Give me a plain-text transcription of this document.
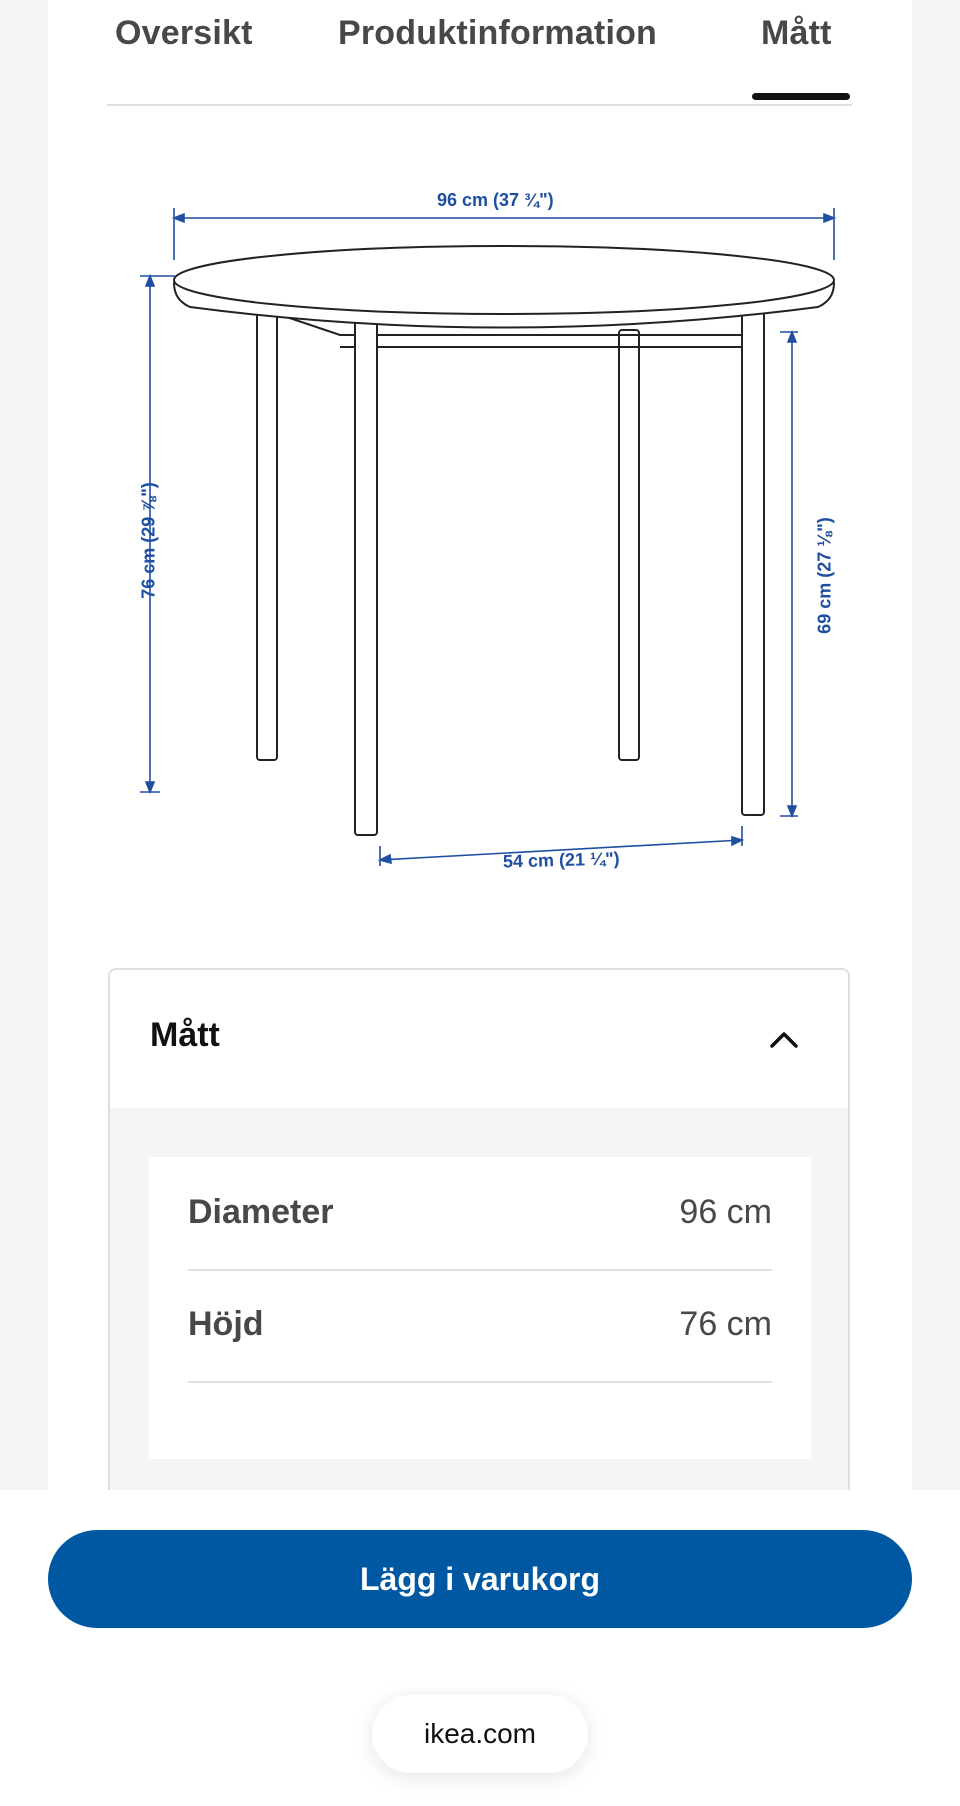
Oversikt	Produktinformation	Mått
96 cm (37 ¾")
76 cm (29 ⅞")	69 cm (27 ⅛")
54 cm (21 ¼")
Mått
Diameter	96 cm
Höjd	76 cm
Lägg i varukorg
ikea.com
